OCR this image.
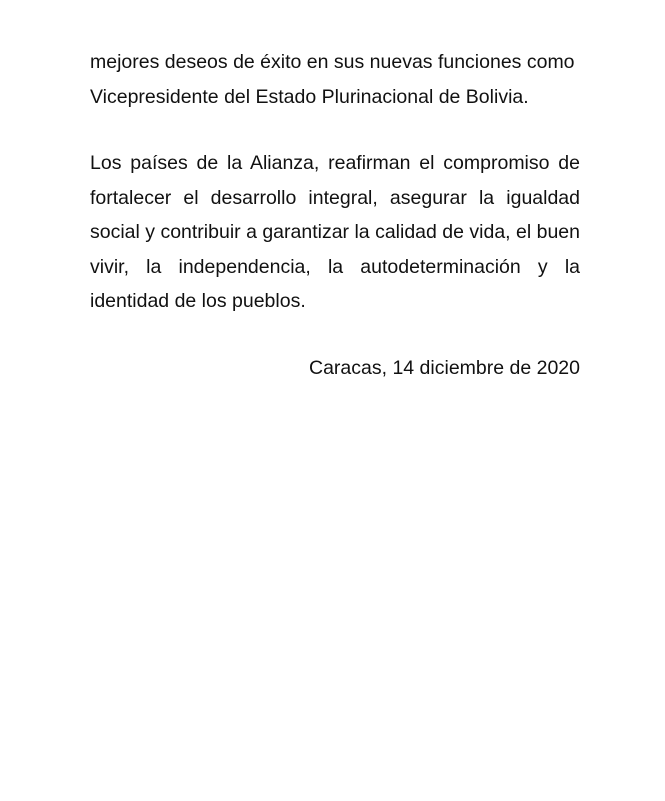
mejores deseos de éxito en sus nuevas funciones como Vicepresidente del Estado Plurinacional de Bolivia.

Los países de la Alianza, reafirman el compromiso de fortalecer el desarrollo integral, asegurar la igualdad social y contribuir a garantizar la calidad de vida, el buen vivir, la independencia, la autodeterminación y la identidad de los pueblos.

Caracas, 14 diciembre de 2020
